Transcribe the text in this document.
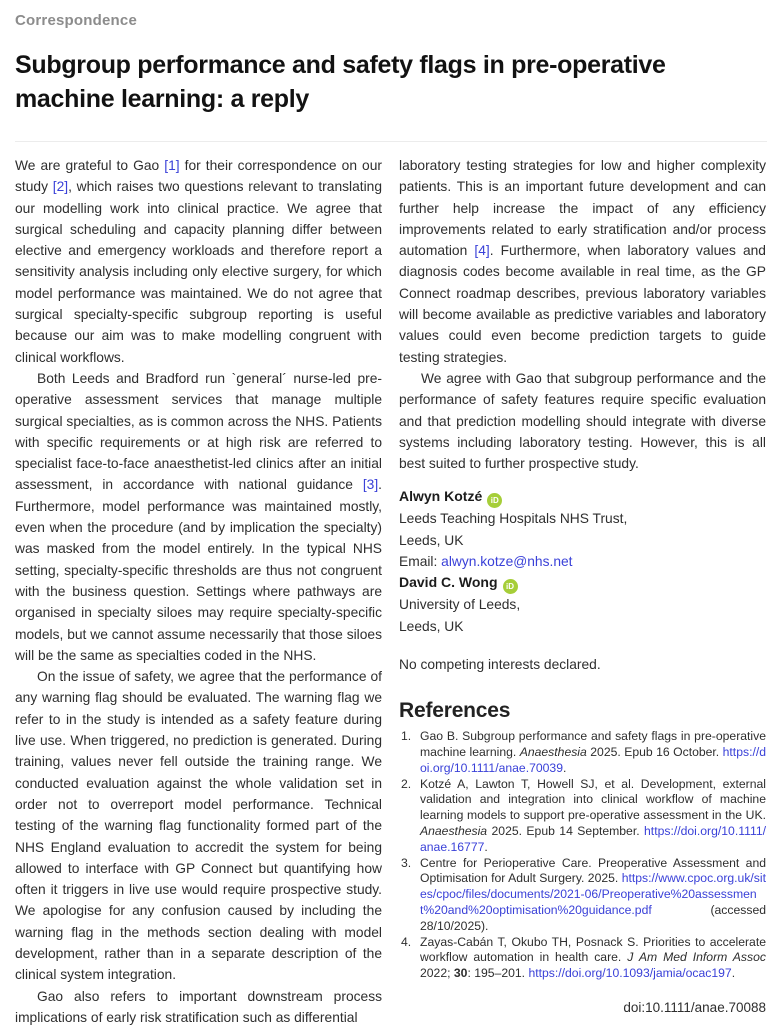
Correspondence
Subgroup performance and safety flags in pre-operative machine learning: a reply

We are grateful to Gao [1] for their correspondence on our study [2], which raises two questions relevant to translating our modelling work into clinical practice. We agree that surgical scheduling and capacity planning differ between elective and emergency workloads and therefore report a sensitivity analysis including only elective surgery, for which model performance was maintained. We do not agree that surgical specialty-specific subgroup reporting is useful because our aim was to make modelling congruent with clinical workflows.

Both Leeds and Bradford run `general´ nurse-led pre-operative assessment services that manage multiple surgical specialties, as is common across the NHS. Patients with specific requirements or at high risk are referred to specialist face-to-face anaesthetist-led clinics after an initial assessment, in accordance with national guidance [3]. Furthermore, model performance was maintained mostly, even when the procedure (and by implication the specialty) was masked from the model entirely. In the typical NHS setting, specialty-specific thresholds are thus not congruent with the business question. Settings where pathways are organised in specialty siloes may require specialty-specific models, but we cannot assume necessarily that those siloes will be the same as specialties coded in the NHS.

On the issue of safety, we agree that the performance of any warning flag should be evaluated. The warning flag we refer to in the study is intended as a safety feature during live use. When triggered, no prediction is generated. During training, values never fell outside the training range. We conducted evaluation against the whole validation set in order not to overreport model performance. Technical testing of the warning flag functionality formed part of the NHS England evaluation to accredit the system for being allowed to interface with GP Connect but quantifying how often it triggers in live use would require prospective study. We apologise for any confusion caused by including the warning flag in the methods section dealing with model development, rather than in a separate description of the clinical system integration.

Gao also refers to important downstream process implications of early risk stratification such as differential

laboratory testing strategies for low and higher complexity patients. This is an important future development and can further help increase the impact of any efficiency improvements related to early stratification and/or process automation [4]. Furthermore, when laboratory values and diagnosis codes become available in real time, as the GP Connect roadmap describes, previous laboratory variables will become available as predictive variables and laboratory values could even become prediction targets to guide testing strategies.

We agree with Gao that subgroup performance and the performance of safety features require specific evaluation and that prediction modelling should integrate with diverse systems including laboratory testing. However, this is all best suited to further prospective study.

Alwyn Kotzé iD

Leeds Teaching Hospitals NHS Trust,

Leeds, UK

Email: alwyn.kotze@nhs.net

David C. Wong iD

University of Leeds,

Leeds, UK

No competing interests declared.

References
1. Gao B. Subgroup performance and safety flags in pre-operative machine learning. Anaesthesia 2025. Epub 16 October. https://doi.org/10.1111/anae.70039.
2. Kotzé A, Lawton T, Howell SJ, et al. Development, external validation and integration into clinical workflow of machine learning models to support pre-operative assessment in the UK. Anaesthesia 2025. Epub 14 September. https://doi.org/10.1111/anae.16777.
3. Centre for Perioperative Care. Preoperative Assessment and Optimisation for Adult Surgery. 2025. https://www.cpoc.org.uk/sites/cpoc/files/documents/2021-06/Preoperative%20assessment%20and%20optimisation%20guidance.pdf (accessed 28/10/2025).
4. Zayas-Cabán T, Okubo TH, Posnack S. Priorities to accelerate workflow automation in health care. J Am Med Inform Assoc 2022; 30: 195–201. https://doi.org/10.1093/jamia/ocac197.

doi:10.1111/anae.70088
